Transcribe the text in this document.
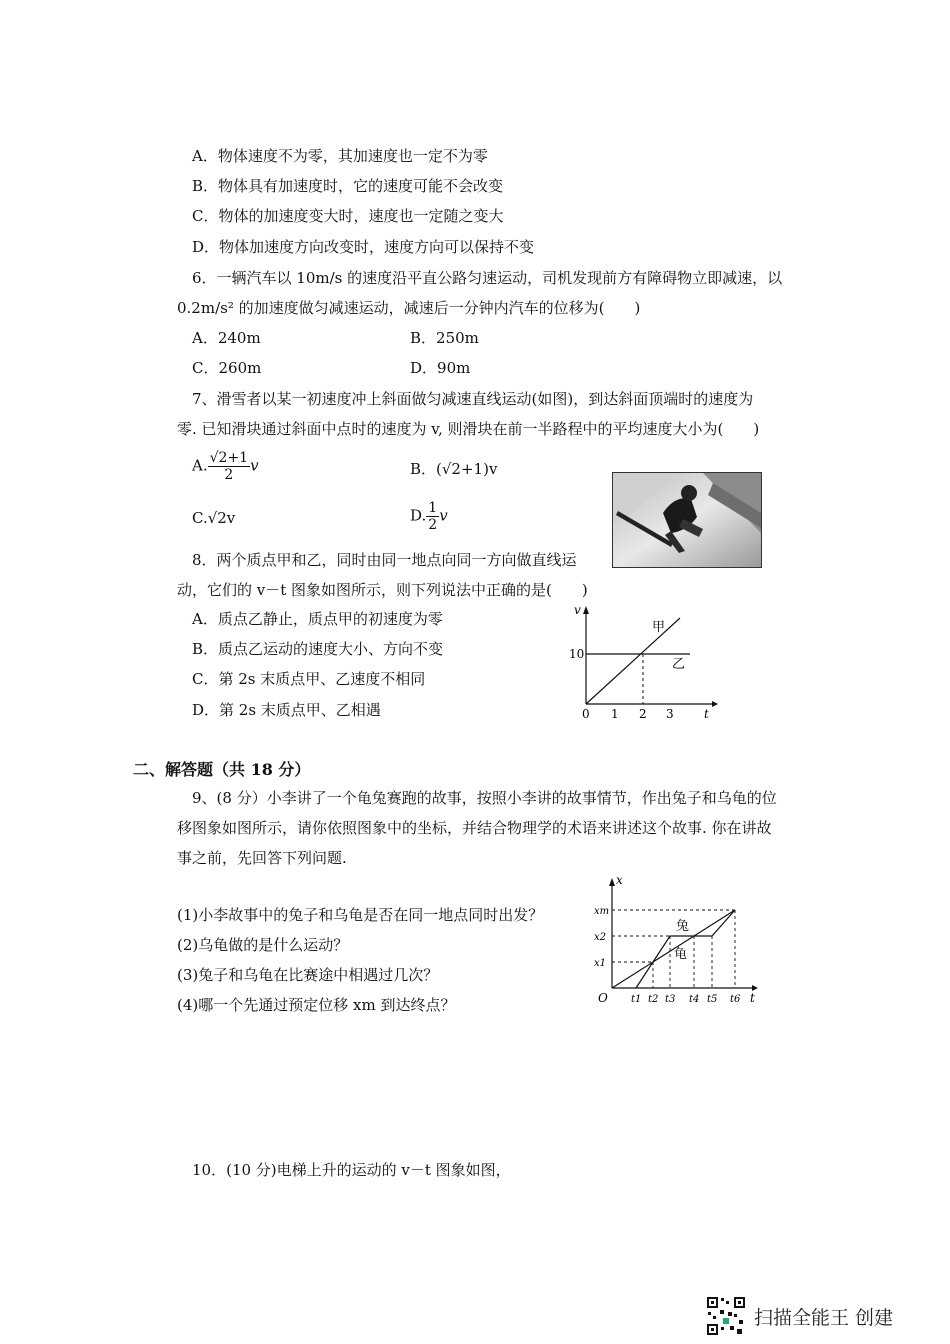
A．物体速度不为零，其加速度也一定不为零
B．物体具有加速度时，它的速度可能不会改变
C．物体的加速度变大时，速度也一定随之变大
D．物体加速度方向改变时，速度方向可以保持不变
6．一辆汽车以 10m/s 的速度沿平直公路匀速运动，司机发现前方有障碍物立即减速，以
0.2m/s² 的加速度做匀减速运动，减速后一分钟内汽车的位移为(　　)
A．240m	B．250m
C．260m	D．90m
7、滑雪者以某一初速度冲上斜面做匀减速直线运动(如图)，到达斜面顶端时的速度为
零. 已知滑块通过斜面中点时的速度为 v, 则滑块在前一半路程中的平均速度大小为(　　)
A. $\frac{√2+1}{2}$ v	B．(√2+1)v
C.√2v	D. $\frac{1}{2}$ v
8．两个质点甲和乙，同时由同一地点向同一方向做直线运
动，它们的 v－t 图象如图所示，则下列说法中正确的是(　　)
A．质点乙静止，质点甲的初速度为零
B．质点乙运动的速度大小、方向不变
C．第 2s 末质点甲、乙速度不相同
D．第 2s 末质点甲、乙相遇
v
t
0 1 2 3
10
甲
乙
二、解答题（共 18 分）
9、(8 分）小李讲了一个龟兔赛跑的故事，按照小李讲的故事情节，作出兔子和乌龟的位
移图象如图所示，请你依照图象中的坐标，并结合物理学的术语来讲述这个故事. 你在讲故
事之前，先回答下列问题.
(1)小李故事中的兔子和乌龟是否在同一地点同时出发？
(2)乌龟做的是什么运动？
(3)兔子和乌龟在比赛途中相遇过几次？
(4)哪一个先通过预定位移 xm 到达终点？
x
t
O
xm
x2
x1
t1 t2 t3 t4 t5 t6
兔
龟
10．(10 分)电梯上升的运动的 v－t 图象如图，
扫描全能王 创建
